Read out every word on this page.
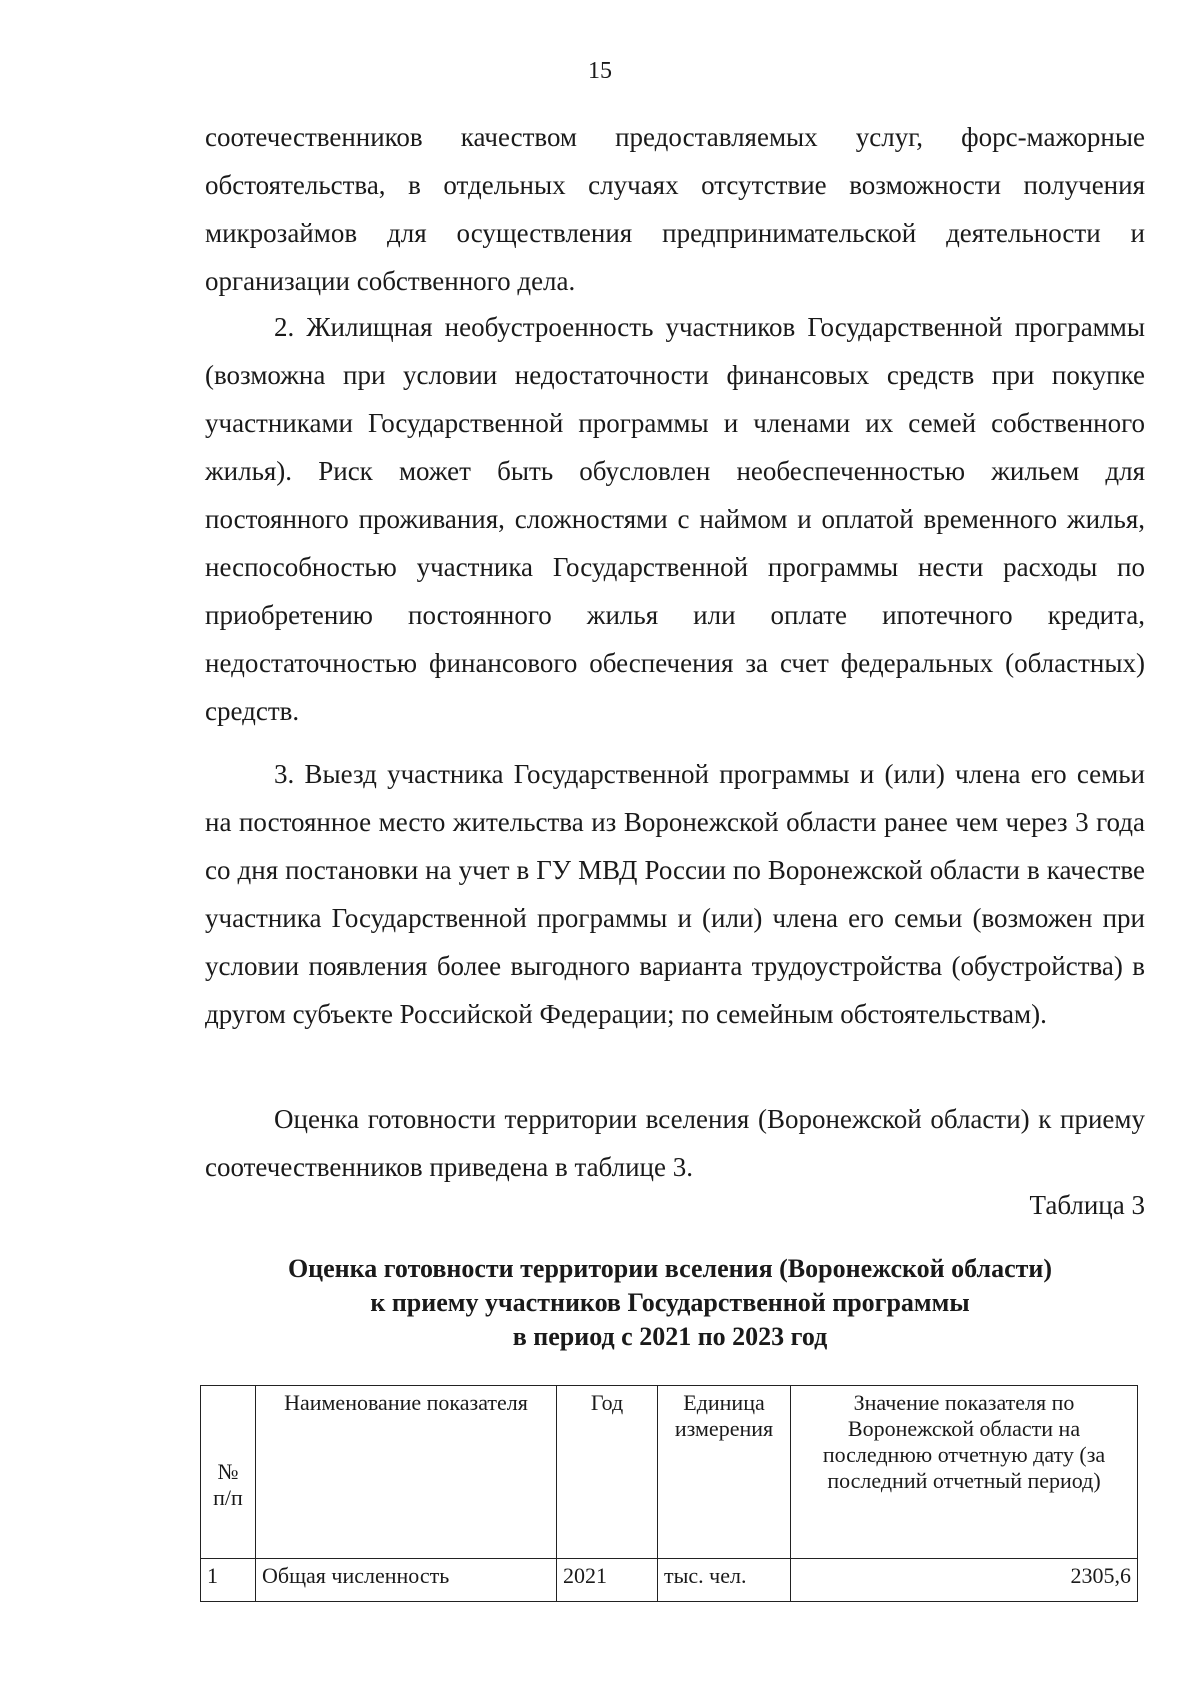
15

соотечественников качеством предоставляемых услуг, форс-мажорные обстоятельства, в отдельных случаях отсутствие возможности получения микрозаймов для осуществления предпринимательской деятельности и организации собственного дела.

2. Жилищная необустроенность участников Государственной программы (возможна при условии недостаточности финансовых средств при покупке участниками Государственной программы и членами их семей собственного жилья). Риск может быть обусловлен необеспеченностью жильем для постоянного проживания, сложностями с наймом и оплатой временного жилья, неспособностью участника Государственной программы нести расходы по приобретению постоянного жилья или оплате ипотечного кредита, недостаточностью финансового обеспечения за счет федеральных (областных) средств.

3. Выезд участника Государственной программы и (или) члена его семьи на постоянное место жительства из Воронежской области ранее чем через 3 года со дня постановки на учет в ГУ МВД России по Воронежской области в качестве участника Государственной программы и (или) члена его семьи (возможен при условии появления более выгодного варианта трудоустройства (обустройства) в другом субъекте Российской Федерации; по семейным обстоятельствам).

Оценка готовности территории вселения (Воронежской области) к приему соотечественников приведена в таблице 3.

Таблица 3
Оценка готовности территории вселения (Воронежской области)
к приему участников Государственной программы
в период с 2021 по 2023 год
№ п/п	Наименование показателя	Год	Единица измерения	Значение показателя по Воронежской области на последнюю отчетную дату (за последний отчетный период)
1	Общая численность	2021	тыс. чел.	2305,6
